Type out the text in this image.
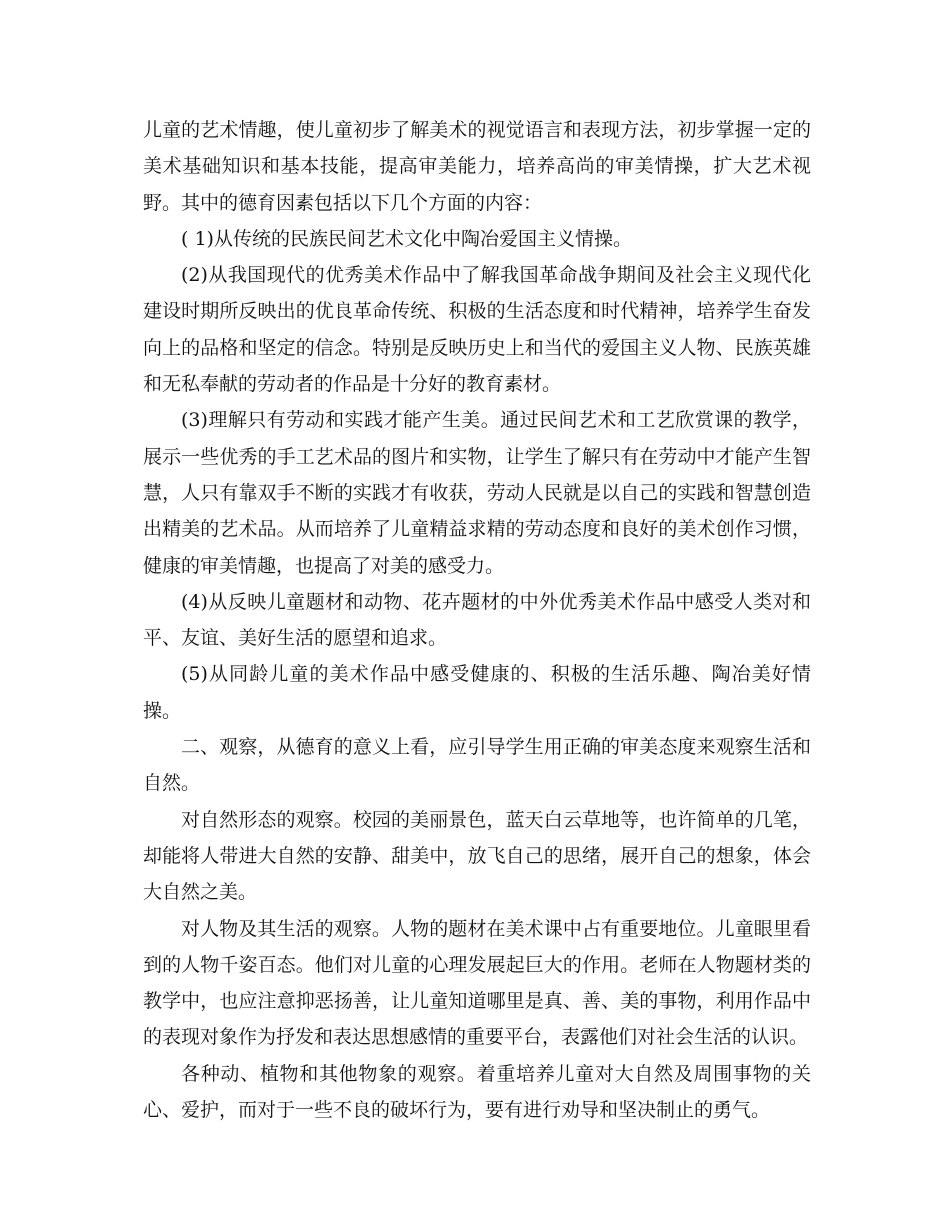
儿童的艺术情趣，使儿童初步了解美术的视觉语言和表现方法，初步掌握一定的美术基础知识和基本技能，提高审美能力，培养高尚的审美情操，扩大艺术视野。其中的德育因素包括以下几个方面的内容：

( 1)从传统的民族民间艺术文化中陶冶爱国主义情操。

(2)从我国现代的优秀美术作品中了解我国革命战争期间及社会主义现代化建设时期所反映出的优良革命传统、积极的生活态度和时代精神，培养学生奋发向上的品格和坚定的信念。特别是反映历史上和当代的爱国主义人物、民族英雄和无私奉献的劳动者的作品是十分好的教育素材。

(3)理解只有劳动和实践才能产生美。通过民间艺术和工艺欣赏课的教学，展示一些优秀的手工艺术品的图片和实物，让学生了解只有在劳动中才能产生智慧，人只有靠双手不断的实践才有收获，劳动人民就是以自己的实践和智慧创造出精美的艺术品。从而培养了儿童精益求精的劳动态度和良好的美术创作习惯，健康的审美情趣，也提高了对美的感受力。

(4)从反映儿童题材和动物、花卉题材的中外优秀美术作品中感受人类对和平、友谊、美好生活的愿望和追求。

(5)从同龄儿童的美术作品中感受健康的、积极的生活乐趣、陶冶美好情操。

二、观察，从德育的意义上看，应引导学生用正确的审美态度来观察生活和自然。

对自然形态的观察。校园的美丽景色，蓝天白云草地等，也许简单的几笔，却能将人带进大自然的安静、甜美中，放飞自己的思绪，展开自己的想象，体会大自然之美。

对人物及其生活的观察。人物的题材在美术课中占有重要地位。儿童眼里看到的人物千姿百态。他们对儿童的心理发展起巨大的作用。老师在人物题材类的教学中，也应注意抑恶扬善，让儿童知道哪里是真、善、美的事物，利用作品中的表现对象作为抒发和表达思想感情的重要平台，表露他们对社会生活的认识。

各种动、植物和其他物象的观察。着重培养儿童对大自然及周围事物的关心、爱护，而对于一些不良的破坏行为，要有进行劝导和坚决制止的勇气。
